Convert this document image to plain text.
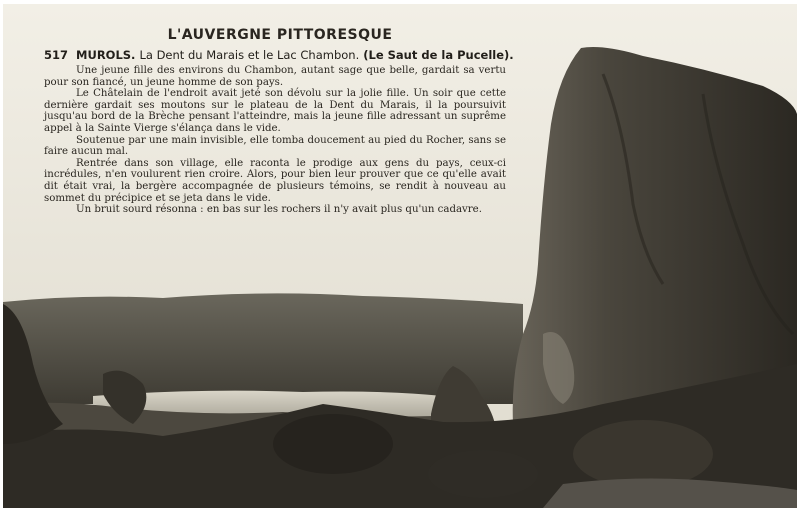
L'AUVERGNE PITTORESQUE
517 MUROLS. La Dent du Marais et le Lac Chambon. (Le Saut de la Pucelle).

Une jeune fille des environs du Chambon, autant sage que belle, gardait sa vertu pour son fiancé, un jeune homme de son pays.

Le Châtelain de l'endroit avait jeté son dévolu sur la jolie fille. Un soir que cette dernière gardait ses moutons sur le plateau de la Dent du Marais, il la poursuivit jusqu'au bord de la Brèche pensant l'atteindre, mais la jeune fille adressant un suprême appel à la Sainte Vierge s'élança dans le vide.

Soutenue par une main invisible, elle tomba doucement au pied du Rocher, sans se faire aucun mal.

Rentrée dans son village, elle raconta le prodige aux gens du pays, ceux-ci incrédules, n'en voulurent rien croire. Alors, pour bien leur prouver que ce qu'elle avait dit était vrai, la bergère accompagnée de plusieurs témoins, se rendit à nouveau au sommet du précipice et se jeta dans le vide.

Un bruit sourd résonna : en bas sur les rochers il n'y avait plus qu'un cadavre.
